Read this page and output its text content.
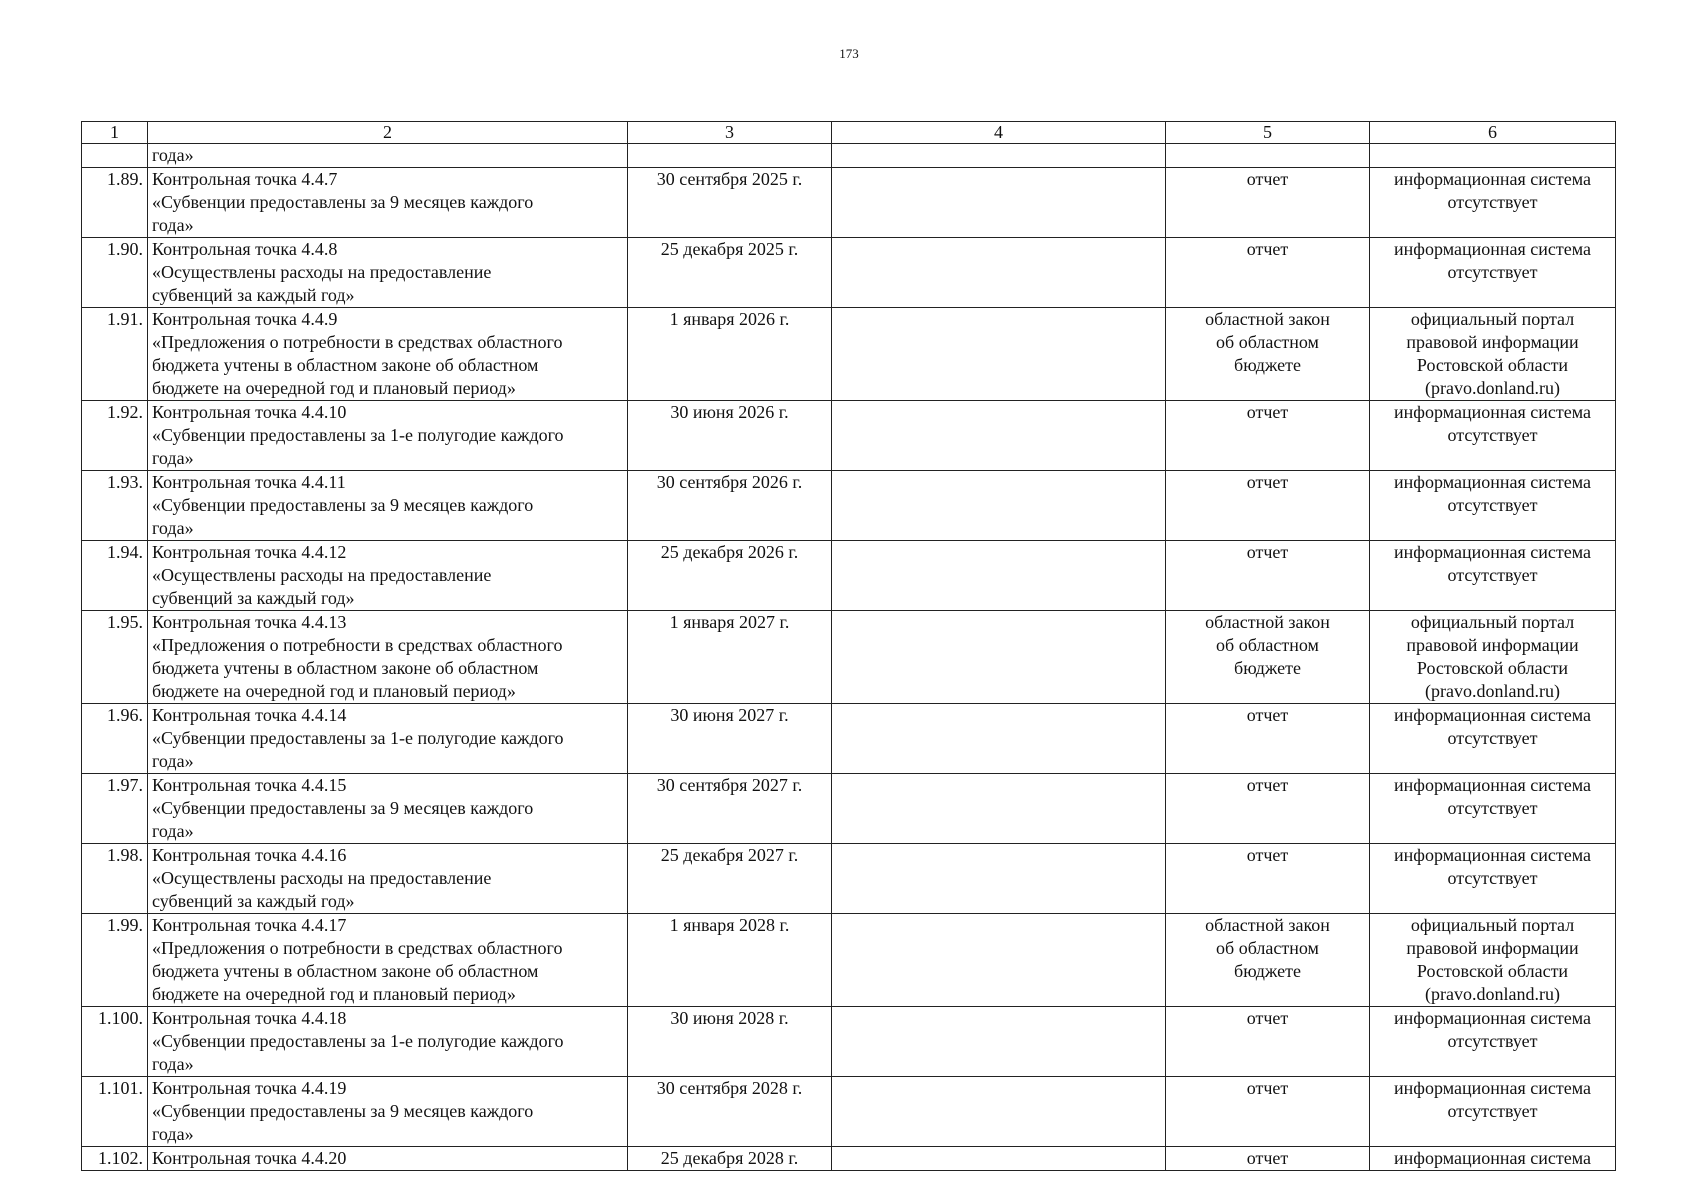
173
1	2	3	4	5	6
	года»				
1.89.	Контрольная точка 4.4.7
«Субвенции предоставлены за 9 месяцев каждого
года»	30 сентября 2025 г.		отчет	информационная система
отсутствует

1.90.	Контрольная точка 4.4.8
«Осуществлены расходы на предоставление
субвенций за каждый год»	25 декабря 2025 г.		отчет	информационная система
отсутствует

1.91.	Контрольная точка 4.4.9
«Предложения о потребности в средствах областного
бюджета учтены в областном законе об областном
бюджете на очередной год и плановый период»	1 января 2026 г.		областной закон
об областном
бюджете	официальный портал
правовой информации
Ростовской области
(pravo.donland.ru)

1.92.	Контрольная точка 4.4.10
«Субвенции предоставлены за 1-е полугодие каждого
года»	30 июня 2026 г.		отчет	информационная система
отсутствует

1.93.	Контрольная точка 4.4.11
«Субвенции предоставлены за 9 месяцев каждого
года»	30 сентября 2026 г.		отчет	информационная система
отсутствует

1.94.	Контрольная точка 4.4.12
«Осуществлены расходы на предоставление
субвенций за каждый год»	25 декабря 2026 г.		отчет	информационная система
отсутствует

1.95.	Контрольная точка 4.4.13
«Предложения о потребности в средствах областного
бюджета учтены в областном законе об областном
бюджете на очередной год и плановый период»	1 января 2027 г.		областной закон
об областном
бюджете	официальный портал
правовой информации
Ростовской области
(pravo.donland.ru)

1.96.	Контрольная точка 4.4.14
«Субвенции предоставлены за 1-е полугодие каждого
года»	30 июня 2027 г.		отчет	информационная система
отсутствует

1.97.	Контрольная точка 4.4.15
«Субвенции предоставлены за 9 месяцев каждого
года»	30 сентября 2027 г.		отчет	информационная система
отсутствует

1.98.	Контрольная точка 4.4.16
«Осуществлены расходы на предоставление
субвенций за каждый год»	25 декабря 2027 г.		отчет	информационная система
отсутствует

1.99.	Контрольная точка 4.4.17
«Предложения о потребности в средствах областного
бюджета учтены в областном законе об областном
бюджете на очередной год и плановый период»	1 января 2028 г.		областной закон
об областном
бюджете	официальный портал
правовой информации
Ростовской области
(pravo.donland.ru)

1.100.	Контрольная точка 4.4.18
«Субвенции предоставлены за 1-е полугодие каждого
года»	30 июня 2028 г.		отчет	информационная система
отсутствует

1.101.	Контрольная точка 4.4.19
«Субвенции предоставлены за 9 месяцев каждого
года»	30 сентября 2028 г.		отчет	информационная система
отсутствует

1.102.	Контрольная точка 4.4.20	25 декабря 2028 г.		отчет	информационная система
